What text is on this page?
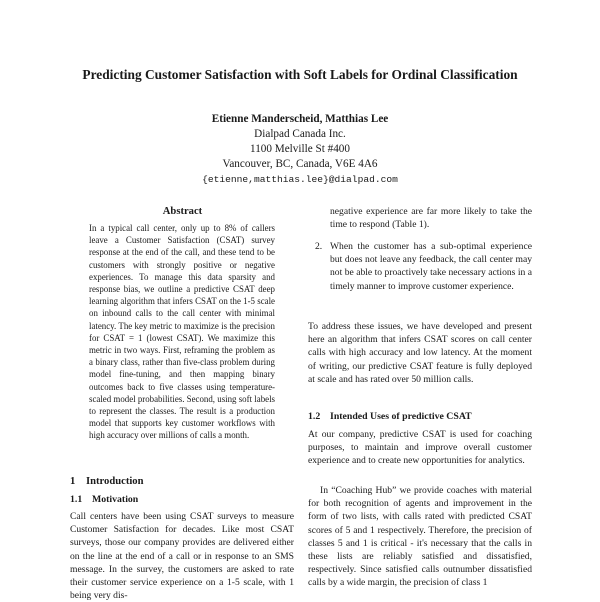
Predicting Customer Satisfaction with Soft Labels for Ordinal Classification
Etienne Manderscheid, Matthias Lee
Dialpad Canada Inc.
1100 Melville St #400
Vancouver, BC, Canada, V6E 4A6
{etienne,matthias.lee}@dialpad.com
Abstract

In a typical call center, only up to 8% of callers leave a Customer Satisfaction (CSAT) survey response at the end of the call, and these tend to be customers with strongly positive or negative experiences. To manage this data sparsity and response bias, we outline a predictive CSAT deep learning algorithm that infers CSAT on the 1-5 scale on inbound calls to the call center with minimal latency. The key metric to maximize is the precision for CSAT = 1 (lowest CSAT). We maximize this metric in two ways. First, reframing the problem as a binary class, rather than five-class problem during model fine-tuning, and then mapping binary outcomes back to five classes using temperature-scaled model probabilities. Second, using soft labels to represent the classes. The result is a production model that supports key customer workflows with high accuracy over millions of calls a month.

1 Introduction
1.1 Motivation

Call centers have been using CSAT surveys to measure Customer Satisfaction for decades. Like most CSAT surveys, those our company provides are delivered either on the line at the end of a call or in response to an SMS message. In the survey, the customers are asked to rate their customer service experience on a 1-5 scale, with 1 being very dis-

negative experience are far more likely to take the time to respond (Table 1).

2. When the customer has a sub-optimal experience but does not leave any feedback, the call center may not be able to proactively take necessary actions in a timely manner to improve customer experience.

To address these issues, we have developed and present here an algorithm that infers CSAT scores on call center calls with high accuracy and low latency. At the moment of writing, our predictive CSAT feature is fully deployed at scale and has rated over 50 million calls.

1.2 Intended Uses of predictive CSAT

At our company, predictive CSAT is used for coaching purposes, to maintain and improve overall customer experience and to create new opportunities for analytics.

In “Coaching Hub” we provide coaches with material for both recognition of agents and improvement in the form of two lists, with calls rated with predicted CSAT scores of 5 and 1 respectively. Therefore, the precision of classes 5 and 1 is critical - it's necessary that the calls in these lists are reliably satisfied and dissatisfied, respectively. Since satisfied calls outnumber dissatisfied calls by a wide margin, the precision of class 1
